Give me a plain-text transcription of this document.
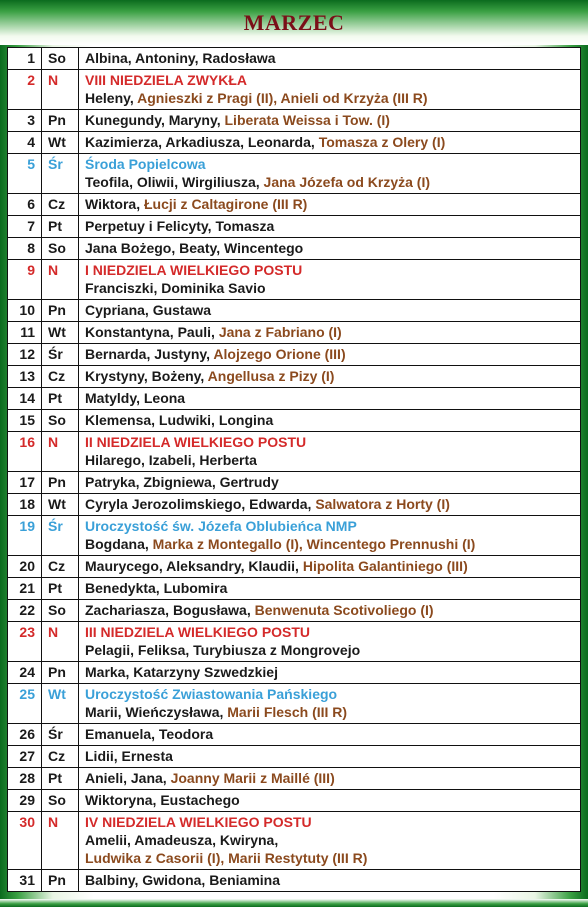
MARZEC
1	So	Albina, Antoniny, Radosława

2	N	VIII NIEDZIELA ZWYKŁA
Heleny, Agnieszki z Pragi (II), Anieli od Krzyża (III R)

3	Pn	Kunegundy, Maryny, Liberata Weissa i Tow. (I)

4	Wt	Kazimierza, Arkadiusza, Leonarda, Tomasza z Olery (I)

5	Śr	Środa Popielcowa
Teofila, Oliwii, Wirgiliusza, Jana Józefa od Krzyża (I)

6	Cz	Wiktora, Łucji z Caltagirone (III R)

7	Pt	Perpetuy i Felicyty, Tomasza

8	So	Jana Bożego, Beaty, Wincentego

9	N	I NIEDZIELA WIELKIEGO POSTU
Franciszki, Dominika Savio

10	Pn	Cypriana, Gustawa

11	Wt	Konstantyna, Pauli, Jana z Fabriano (I)

12	Śr	Bernarda, Justyny, Alojzego Orione (III)

13	Cz	Krystyny, Bożeny, Angellusa z Pizy (I)

14	Pt	Matyldy, Leona

15	So	Klemensa, Ludwiki, Longina

16	N	II NIEDZIELA WIELKIEGO POSTU
Hilarego, Izabeli, Herberta

17	Pn	Patryka, Zbigniewa, Gertrudy

18	Wt	Cyryla Jerozolimskiego, Edwarda, Salwatora z Horty (I)

19	Śr	Uroczystość św. Józefa Oblubieńca NMP
Bogdana, Marka z Montegallo (I), Wincentego Prennushi (I)

20	Cz	Maurycego, Aleksandry, Klaudii, Hipolita Galantiniego (III)

21	Pt	Benedykta, Lubomira

22	So	Zachariasza, Bogusława, Benwenuta Scotivoliego (I)

23	N	III NIEDZIELA WIELKIEGO POSTU
Pelagii, Feliksa, Turybiusza z Mongrovejo

24	Pn	Marka, Katarzyny Szwedzkiej

25	Wt	Uroczystość Zwiastowania Pańskiego
Marii, Wieńczysława, Marii Flesch (III R)

26	Śr	Emanuela, Teodora

27	Cz	Lidii, Ernesta

28	Pt	Anieli, Jana, Joanny Marii z Maillé (III)

29	So	Wiktoryna, Eustachego

30	N	IV NIEDZIELA WIELKIEGO POSTU
Amelii, Amadeusza, Kwiryna,
Ludwika z Casorii (I), Marii Restytuty (III R)

31	Pn	Balbiny, Gwidona, Beniamina
